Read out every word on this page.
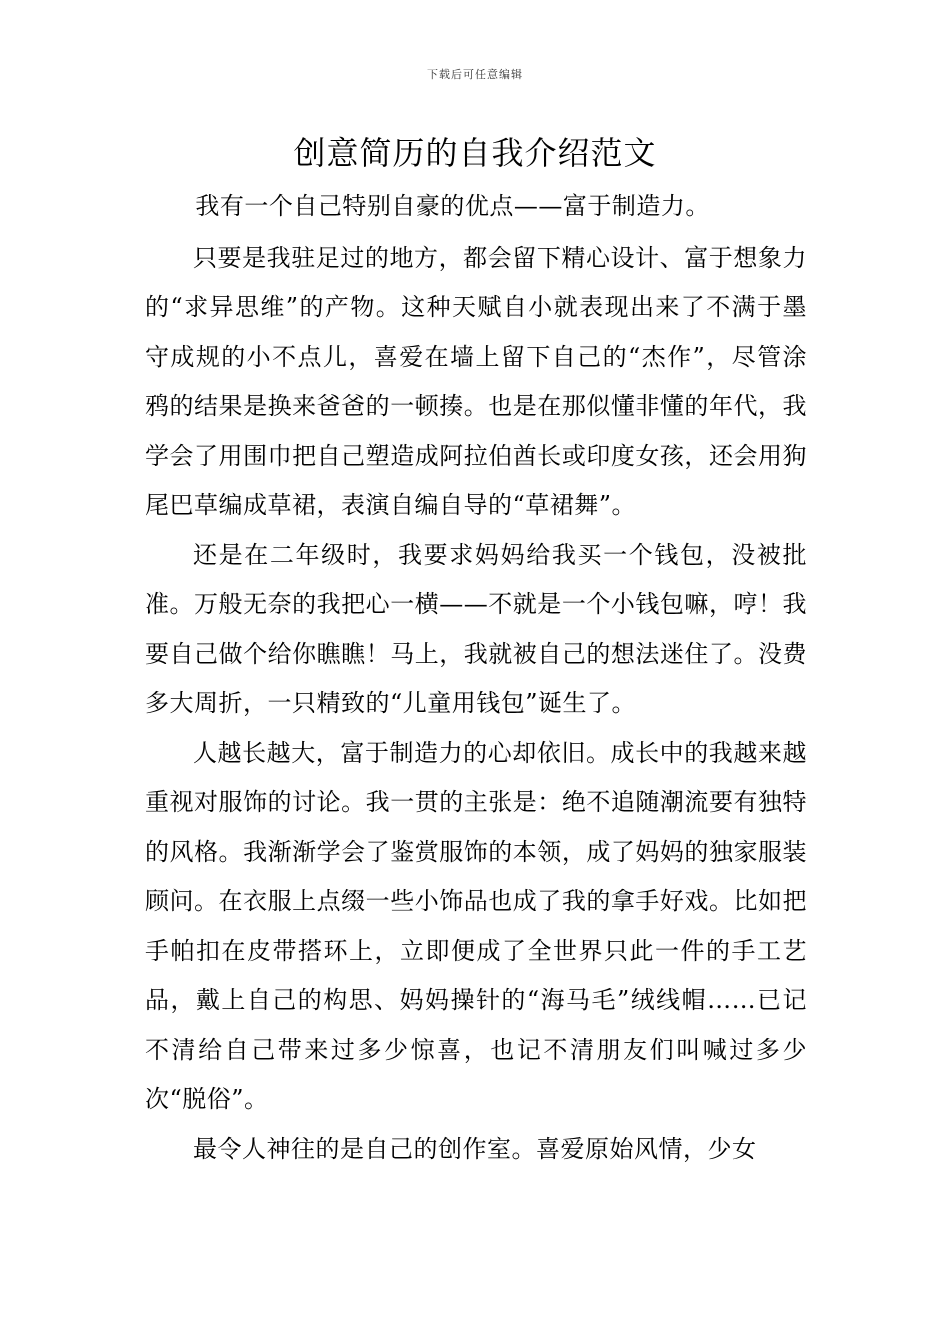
下载后可任意编辑
创意简历的自我介绍范文

我有一个自己特别自豪的优点——富于制造力。

只要是我驻足过的地方，都会留下精心设计、富于想象力的“求异思维”的产物。这种天赋自小就表现出来了不满于墨守成规的小不点儿，喜爱在墙上留下自己的“杰作”，尽管涂鸦的结果是换来爸爸的一顿揍。也是在那似懂非懂的年代，我学会了用围巾把自己塑造成阿拉伯酋长或印度女孩，还会用狗尾巴草编成草裙，表演自编自导的“草裙舞”。

还是在二年级时，我要求妈妈给我买一个钱包，没被批准。万般无奈的我把心一横——不就是一个小钱包嘛，哼！我要自己做个给你瞧瞧！马上，我就被自己的想法迷住了。没费多大周折，一只精致的“儿童用钱包”诞生了。

人越长越大，富于制造力的心却依旧。成长中的我越来越重视对服饰的讨论。我一贯的主张是：绝不追随潮流要有独特的风格。我渐渐学会了鉴赏服饰的本领，成了妈妈的独家服装顾问。在衣服上点缀一些小饰品也成了我的拿手好戏。比如把手帕扣在皮带搭环上，立即便成了全世界只此一件的手工艺品，戴上自己的构思、妈妈操针的“海马毛”绒线帽……已记不清给自己带来过多少惊喜，也记不清朋友们叫喊过多少次“脱俗”。

最令人神往的是自己的创作室。喜爱原始风情，少女
